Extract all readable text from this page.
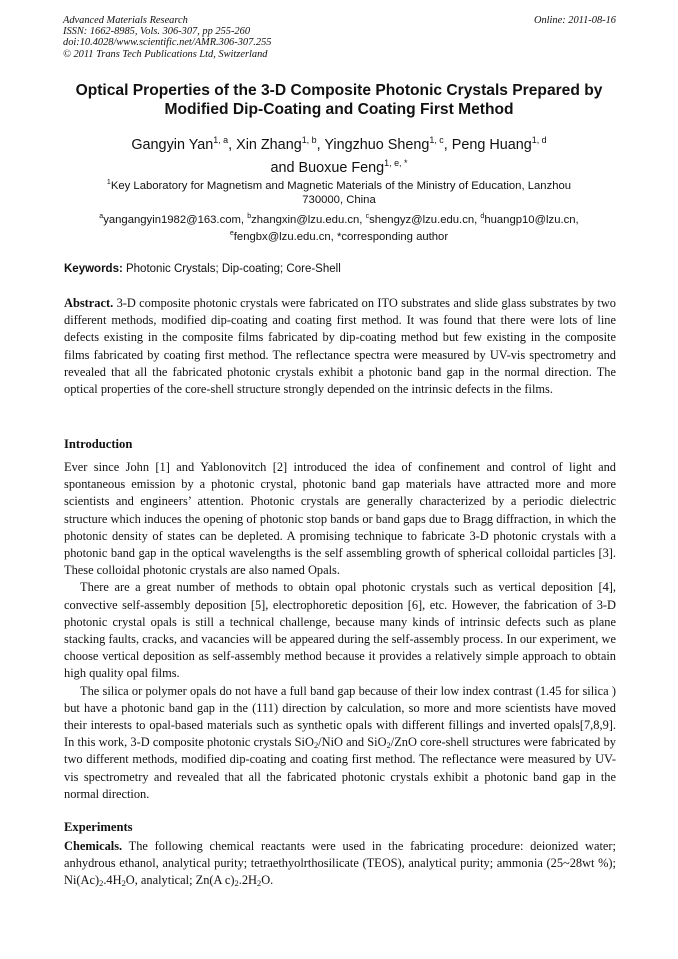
Advanced Materials Research
ISSN: 1662-8985, Vols. 306-307, pp 255-260
doi:10.4028/www.scientific.net/AMR.306-307.255
© 2011 Trans Tech Publications Ltd, Switzerland
Online: 2011-08-16
Optical Properties of the 3-D Composite Photonic Crystals Prepared by
Modified Dip-Coating and Coating First Method
Gangyin Yan$^{1, a}$, Xin Zhang$^{1, b}$, Yingzhuo Sheng$^{1, c}$, Peng Huang$^{1, d}$
and Buoxue Feng$^{1, e, *}$
$^1$Key Laboratory for Magnetism and Magnetic Materials of the Ministry of Education, Lanzhou
730000, China
$^a$yangangyin1982@163.com, $^b$zhangxin@lzu.edu.cn, $^c$shengyz@lzu.edu.cn, $^d$huangp10@lzu.cn,
$^e$fengbx@lzu.edu.cn, *corresponding author
Keywords: Photonic Crystals; Dip-coating; Core-Shell

Abstract. 3-D composite photonic crystals were fabricated on ITO substrates and slide glass substrates by two different methods, modified dip-coating and coating first method. It was found that there were lots of line defects existing in the composite films fabricated by dip-coating method but few existing in the composite films fabricated by coating first method. The reflectance spectra were measured by UV-vis spectrometry and revealed that all the fabricated photonic crystals exhibit a photonic band gap in the normal direction. The optical properties of the core-shell structure strongly depended on the intrinsic defects in the films.

Introduction

Ever since John [1] and Yablonovitch [2] introduced the idea of confinement and control of light and spontaneous emission by a photonic crystal, photonic band gap materials have attracted more and more scientists and engineers’ attention. Photonic crystals are generally characterized by a periodic dielectric structure which induces the opening of photonic stop bands or band gaps due to Bragg diffraction, in which the photonic density of states can be depleted. A promising technique to fabricate 3-D photonic crystals with a photonic band gap in the optical wavelengths is the self assembling growth of spherical colloidal particles [3]. These colloidal photonic crystals are also named Opals.

There are a great number of methods to obtain opal photonic crystals such as vertical deposition [4], convective self-assembly deposition [5], electrophoretic deposition [6], etc. However, the fabrication of 3-D photonic crystal opals is still a technical challenge, because many kinds of intrinsic defects such as plane stacking faults, cracks, and vacancies will be appeared during the self-assembly process. In our experiment, we choose vertical deposition as self-assembly method because it provides a relatively simple approach to obtain high quality opal films.

The silica or polymer opals do not have a full band gap because of their low index contrast (1.45 for silica ) but have a photonic band gap in the (111) direction by calculation, so more and more scientists have moved their interests to opal-based materials such as synthetic opals with different fillings and inverted opals[7,8,9]. In this work, 3-D composite photonic crystals SiO$_2$/NiO and SiO$_2$/ZnO core-shell structures were fabricated by two different methods, modified dip-coating and coating first method. The reflectance were measured by UV-vis spectrometry and revealed that all the fabricated photonic crystals exhibit a photonic band gap in the normal direction.

Experiments

Chemicals. The following chemical reactants were used in the fabricating procedure: deionized water; anhydrous ethanol, analytical purity; tetraethyolrthosilicate (TEOS), analytical purity; ammonia (25~28wt %); $Ni(Ac)_2.4H_2O$, analytical; Zn(A $c)_2.2H_2O$.
